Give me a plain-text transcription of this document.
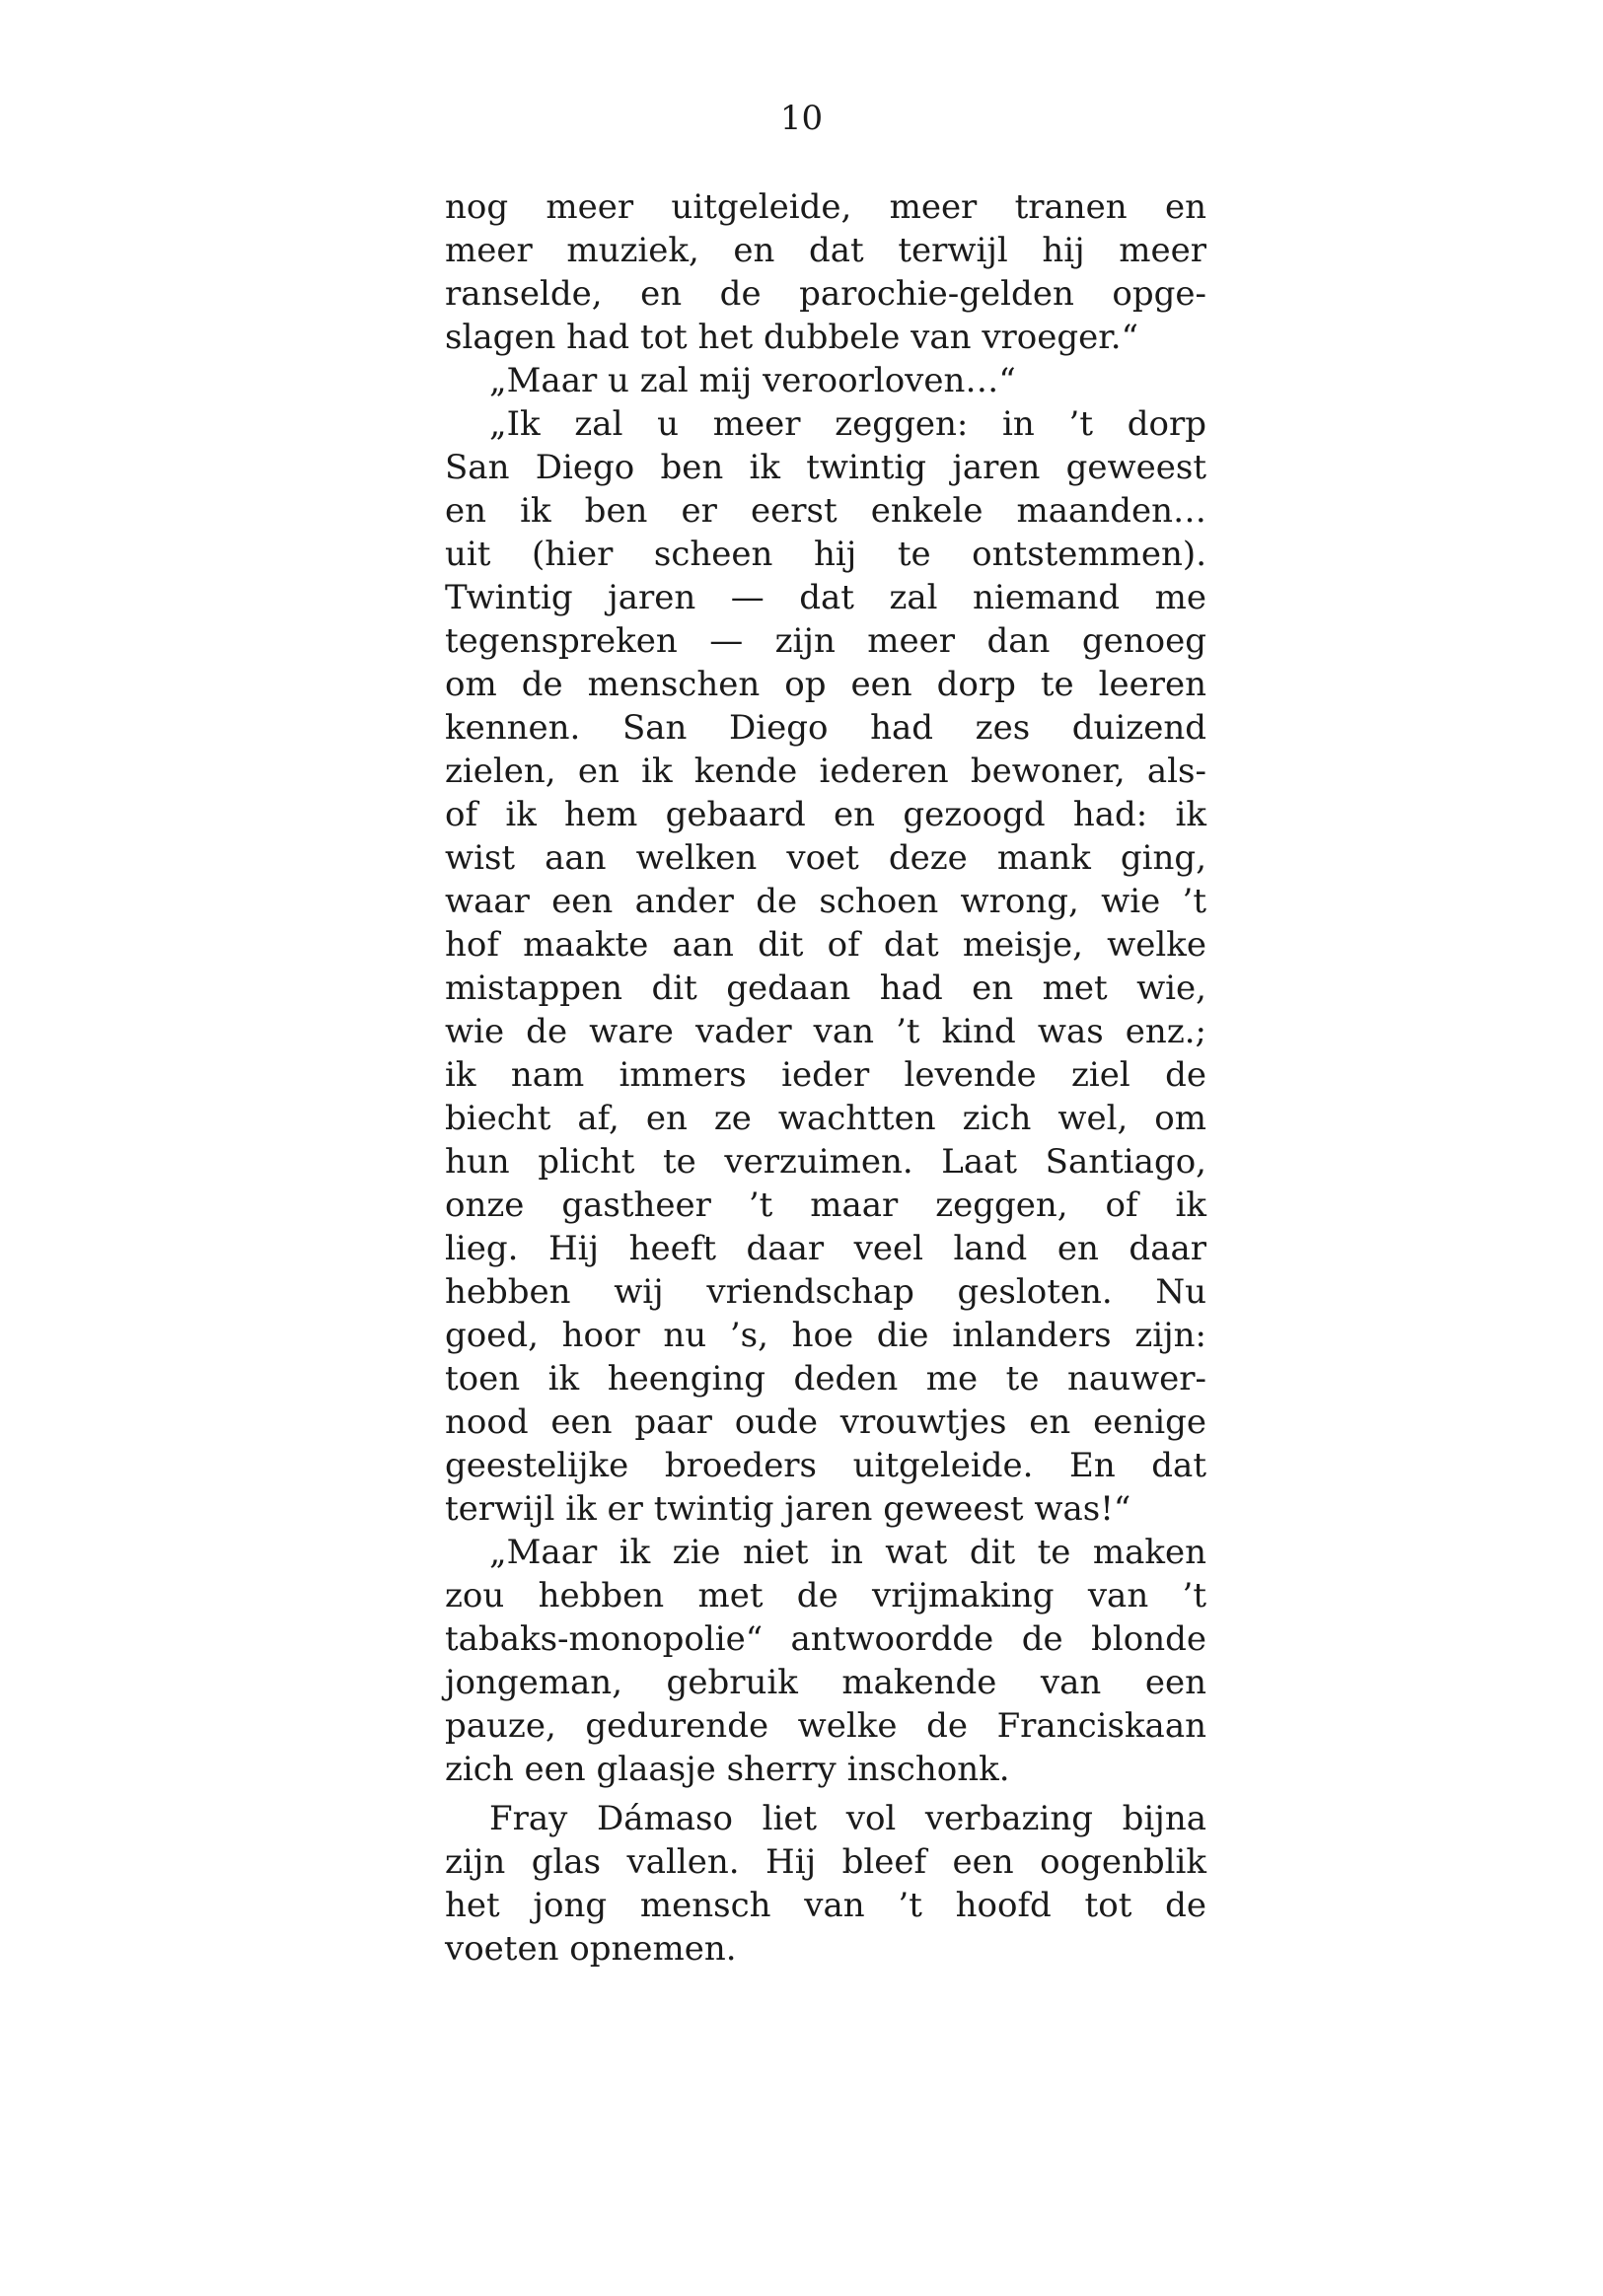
10
nog meer uitgeleide, meer tranen en
meer muziek, en dat terwijl hij meer
ranselde, en de parochie-gelden opge-
slagen had tot het dubbele van vroeger.“
„Maar u zal mij veroorloven…“
„Ik zal u meer zeggen: in ’t dorp
San Diego ben ik twintig jaren geweest
en ik ben er eerst enkele maanden…
uit (hier scheen hij te ontstemmen).
Twintig jaren — dat zal niemand me
tegenspreken — zijn meer dan genoeg
om de menschen op een dorp te leeren
kennen. San Diego had zes duizend
zielen, en ik kende iederen bewoner, als-
of ik hem gebaard en gezoogd had: ik
wist aan welken voet deze mank ging,
waar een ander de schoen wrong, wie ’t
hof maakte aan dit of dat meisje, welke
mistappen dit gedaan had en met wie,
wie de ware vader van ’t kind was enz.;
ik nam immers ieder levende ziel de
biecht af, en ze wachtten zich wel, om
hun plicht te verzuimen. Laat Santiago,
onze gastheer ’t maar zeggen, of ik
lieg. Hij heeft daar veel land en daar
hebben wij vriendschap gesloten. Nu
goed, hoor nu ’s, hoe die inlanders zijn:
toen ik heenging deden me te nauwer-
nood een paar oude vrouwtjes en eenige
geestelijke broeders uitgeleide. En dat
terwijl ik er twintig jaren geweest was!“
„Maar ik zie niet in wat dit te maken
zou hebben met de vrijmaking van ’t
tabaks-monopolie“ antwoordde de blonde
jongeman, gebruik makende van een
pauze, gedurende welke de Franciskaan
zich een glaasje sherry inschonk.
Fray Dámaso liet vol verbazing bijna
zijn glas vallen. Hij bleef een oogenblik
het jong mensch van ’t hoofd tot de
voeten opnemen.
